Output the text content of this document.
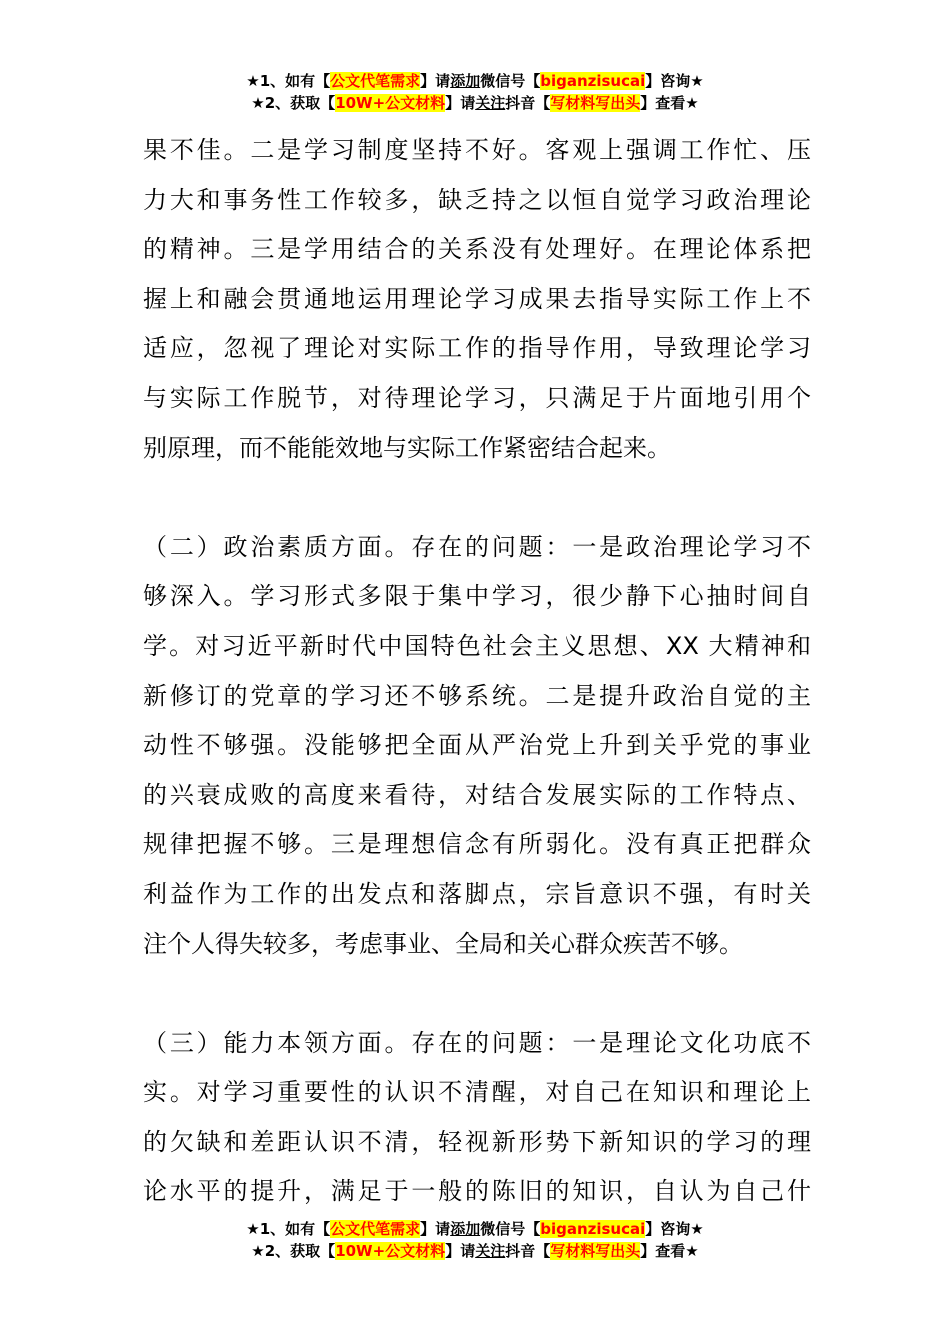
★1、如有【公文代笔需求】请添加微信号【biganzisucai】咨询★
★2、获取【10W+公文材料】请关注抖音【写材料写出头】查看★

果不佳。二是学习制度坚持不好。客观上强调工作忙、压
力大和事务性工作较多，缺乏持之以恒自觉学习政治理论
的精神。三是学用结合的关系没有处理好。在理论体系把
握上和融会贯通地运用理论学习成果去指导实际工作上不
适应，忽视了理论对实际工作的指导作用，导致理论学习
与实际工作脱节，对待理论学习，只满足于片面地引用个
别原理，而不能能效地与实际工作紧密结合起来。

（二）政治素质方面。存在的问题：一是政治理论学习不
够深入。学习形式多限于集中学习，很少静下心抽时间自
学。对习近平新时代中国特色社会主义思想、XX 大精神和
新修订的党章的学习还不够系统。二是提升政治自觉的主
动性不够强。没能够把全面从严治党上升到关乎党的事业
的兴衰成败的高度来看待，对结合发展实际的工作特点、
规律把握不够。三是理想信念有所弱化。没有真正把群众
利益作为工作的出发点和落脚点，宗旨意识不强，有时关
注个人得失较多，考虑事业、全局和关心群众疾苦不够。

（三）能力本领方面。存在的问题：一是理论文化功底不
实。对学习重要性的认识不清醒，对自己在知识和理论上
的欠缺和差距认识不清，轻视新形势下新知识的学习的理
论水平的提升，满足于一般的陈旧的知识，自认为自己什

★1、如有【公文代笔需求】请添加微信号【biganzisucai】咨询★
★2、获取【10W+公文材料】请关注抖音【写材料写出头】查看★
